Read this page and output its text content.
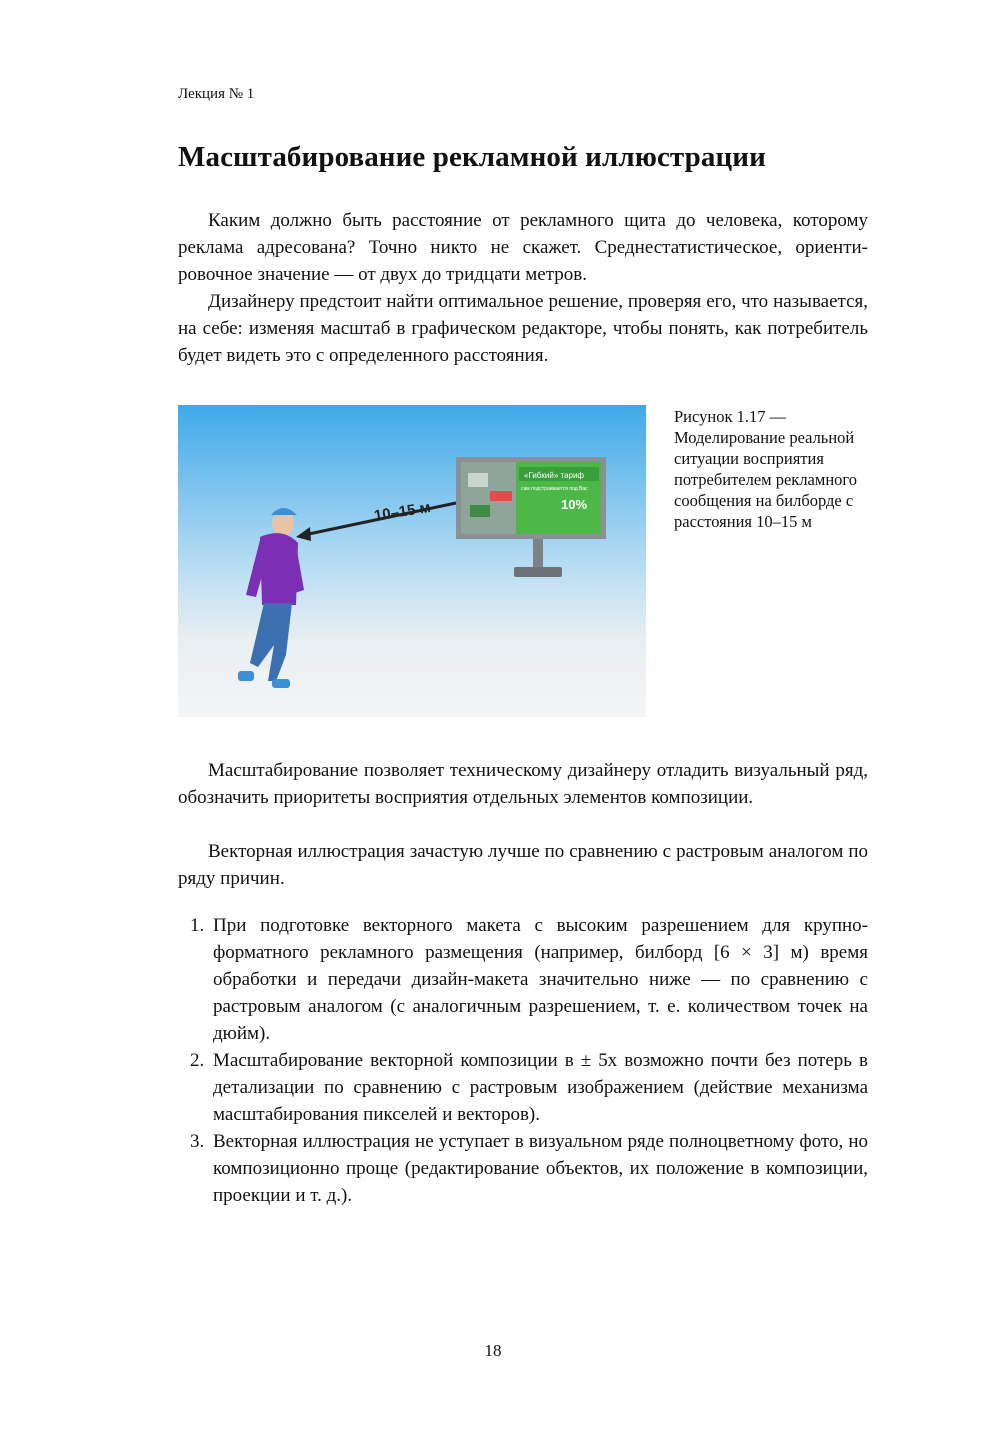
Лекция № 1
Масштабирование рекламной иллюстрации

Каким должно быть расстояние от рекламного щита до человека, которому реклама адресована? Точно никто не скажет. Среднестатистическое, ориентировочное значение — от двух до тридцати метров.

Дизайнеру предстоит найти оптимальное решение, проверяя его, что называется, на себе: изменяя масштаб в графическом редакторе, чтобы понять, как потребитель будет видеть это с определенного расстояния.

«Гибкий» тариф
сам подстраивается под Вас
10%
10–15 м
Рисунок 1.17 — Моделирование реальной ситуации восприятия потребителем рекламного сообщения на билборде с расстояния 10–15 м

Масштабирование позволяет техническому дизайнеру отладить визуальный ряд, обозначить приоритеты восприятия отдельных элементов композиции.

Векторная иллюстрация зачастую лучше по сравнению с растровым аналогом по ряду причин.

1. При подготовке векторного макета с высоким разрешением для крупноформатного рекламного размещения (например, билборд [6 × 3] м) время обработки и передачи дизайн-макета значительно ниже — по сравнению с растровым аналогом (с аналогичным разрешением, т. е. количеством точек на дюйм).
2. Масштабирование векторной композиции в ± 5х возможно почти без потерь в детализации по сравнению с растровым изображением (действие механизма масштабирования пикселей и векторов).
3. Векторная иллюстрация не уступает в визуальном ряде полноцветному фото, но композиционно проще (редактирование объектов, их положение в композиции, проекции и т. д.).
18
